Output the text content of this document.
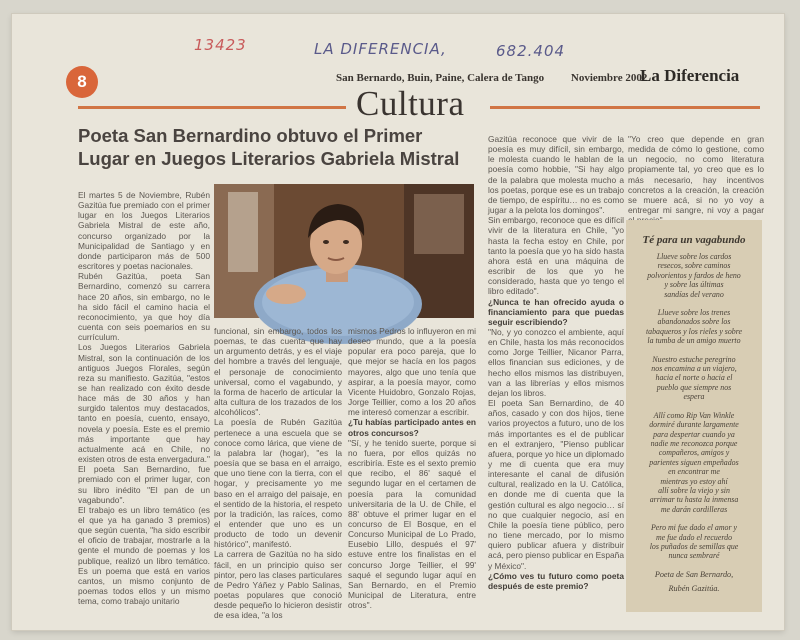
13423	LA DIFERENCIA,	682.404
8	San Bernardo, Buin, Paine, Calera de Tango Noviembre 2002
La Diferencia
Cultura
Poeta San Bernardino obtuvo el Primer
Lugar en Juegos Literarios Gabriela Mistral

El martes 5 de Noviembre, Rubén Gazitúa fue premiado con el primer lugar en los Juegos Literarios Gabriela Mistral de este año, concurso organizado por la Municipalidad de Santiago y en donde participaron más de 500 escritores y poetas nacionales.

Rubén Gazitúa, poeta San Bernardino, comenzó su carrera hace 20 años, sin embargo, no le ha sido fácil el camino hacia el reconocimiento, ya que hoy día cuenta con seis poemarios en su currículum.

Los Juegos Literarios Gabriela Mistral, son la continuación de los antiguos Juegos Florales, según reza su manifiesto. Gazitúa, "estos se han realizado con éxito desde hace más de 30 años y han surgido talentos muy destacados, tanto en poesía, cuento, ensayo, novela y poesía. Este es el premio más importante que hay actualmente acá en Chile, no existen otros de esta envergadura."

El poeta San Bernardino, fue premiado con el primer lugar, con su libro inédito "El pan de un vagabundo".

El trabajo es un libro temático (es el que ya ha ganado 3 premios) que según cuenta, "ha sido escribir el oficio de trabajar, mostrarle a la gente el mundo de poemas y los publique, realizó un libro temático. Es un poema que está en varios cantos, un mismo conjunto de poemas todos ellos y un mismo tema, como trabajo unitario

funcional, sin embargo, todos los poemas, te das cuenta que hay un argumento detrás, y es el viaje del hombre a través del lenguaje, el personaje de conocimiento universal, como el vagabundo, y la forma de hacerlo de articular la alta cultura de los trazados de los alcohólicos".

La poesía de Rubén Gazitúa pertenece a una escuela que se conoce como lárica, que viene de la palabra lar (hogar), "es la poesía que se basa en el arraigo, que uno tiene con la tierra, con el hogar, y precisamente yo me baso en el arraigo del paisaje, en el sentido de la historia, el respeto por la tradición, las raíces, como el entender que uno es un producto de todo un devenir histórico", manifestó.

La carrera de Gazitúa no ha sido fácil, en un principio quiso ser pintor, pero las clases particulares de Pedro Yáñez y Pablo Salinas, poetas populares que conoció desde pequeño lo hicieron desistir de esa idea, "a los

mismos Pedros lo influyeron en mi deseo mundo, que a la poesía popular era poco pareja, que lo que mejor se hacía en los pagos mayores, algo que uno tenía que aspirar, a la poesía mayor, como Vicente Huidobro, Gonzalo Rojas, Jorge Teillier, como a los 20 años me interesó comenzar a escribir.

¿Tu habías participado antes en otros concursos?

"Sí, y he tenido suerte, porque si no fuera, por ellos quizás no escribiría. Este es el sexto premio que recibo, el 86' saqué el segundo lugar en el certamen de poesía para la comunidad universitaria de la U. de Chile, el 88' obtuve el primer lugar en el concurso de El Bosque, en el Concurso Municipal de Lo Prado, Eusebio Lillo, después el 97' estuve entre los finalistas en el concurso Jorge Teillier, el 99' saqué el segundo lugar aquí en San Bernardo, en el Premio Municipal de Literatura, entre otros".

Gazitúa reconoce que vivir de la poesía es muy difícil, sin embargo, le molesta cuando le hablan de la poesía como hobbie, "Si hay algo de la palabra que molesta mucho a los poetas, porque ese es un trabajo de tiempo, de espíritu… no es como jugar a la pelota los domingos".

Sin embargo, reconoce que es difícil vivir de la literatura en Chile, "yo hasta la fecha estoy en Chile, por tanto la poesía que yo ha sido hasta ahora está en una máquina de escribir de los que yo he considerado, hasta que yo tengo el libro editado".

¿Nunca te han ofrecido ayuda o financiamiento para que puedas seguir escribiendo?

"No, y yo conozco el ambiente, aquí en Chile, hasta los más reconocidos como Jorge Teillier, Nicanor Parra, ellos financian sus ediciones, y de hecho ellos mismos las distribuyen, van a las librerías y ellos mismos dejan los libros.

El poeta San Bernardino, de 40 años, casado y con dos hijos, tiene varios proyectos a futuro, uno de los más importantes es el de publicar en el extranjero, "Pienso publicar afuera, porque yo hice un diplomado y me di cuenta que era muy interesante el canal de difusión cultural, realizado en la U. Católica, en donde me di cuenta que la gestión cultural es algo negocio… sí no que cualquier negocio, así en Chile la poesía tiene público, pero no tiene mercado, por lo mismo quiero publicar afuera y distribuir acá, pero pienso publicar en España y México".

¿Cómo ves tu futuro como poeta después de este premio?

"Yo creo que depende en gran medida de cómo lo gestione, como un negocio, no como literatura propiamente tal, yo creo que es lo más necesario, hay incentivos concretos a la creación, la creación se muere acá, si no yo voy a entregar mi sangre, ni voy a pagar

Té para un vagabundo
Llueve sobre los cardos
resecos, sobre caminos
polvorientos y fardos de heno
y sobre las últimas
sandías del verano
Llueve sobre los trenes
abandonados sobre los
tabaqueros y los rieles y sobre
la tumba de un amigo muerto
Nuestro estuche peregrino
nos encamina a un viajero,
hacia el norte o hacia el
pueblo que siempre nos
espera
Allí como Rip Van Winkle
dormiré durante largamente
para despertar cuando ya
nadie me reconozca porque
compañeros, amigos y
parientes siguen empeñados
en encontrar me
mientras yo estoy ahí
allí sobre la viejo y sin
arrimar tu hasta la inmensa
me darán cordilleras
Pero mi fue dado el amor y
me fue dado el recuerdo
los puñados de semillas que
nunca sembraré
Poeta de San Bernardo,
Rubén Gazitúa.
